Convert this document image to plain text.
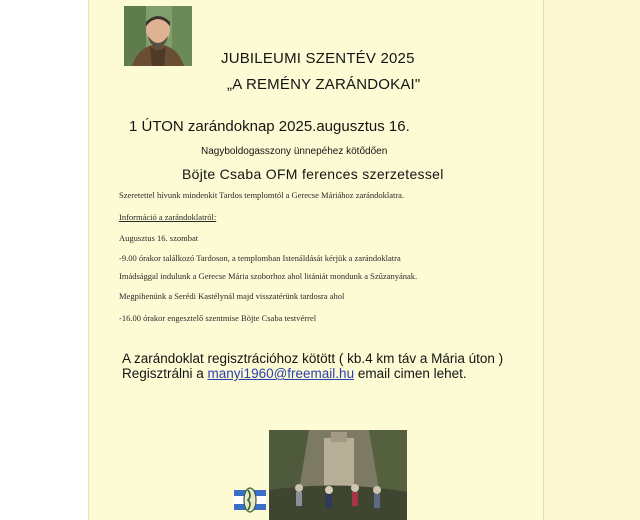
JUBILEUMI SZENTÉV 2025
„A REMÉNY ZARÁNDOKAI"
1 ÚTON zarándoknap 2025.augusztus 16.
Nagyboldogasszony ünnepéhez kötődően
Böjte Csaba OFM ferences szerzetessel
Szeretettel hívunk mindenkit Tardos templomtól a Gerecse Máriához zarándoklatra.
Információ a zarándoklatról:
Augusztus 16. szombat
-9.00 órakor találkozó Tardoson, a templomban Istenáldását kérjük a zarándoklatra
Imádsággal indulunk a Gerecse Mária szoborhoz ahol litániát mondunk a Szűzanyának.
Megpihenünk a Serédi Kastélynál majd visszatérünk tardosra ahol
-16.00 órakor engesztelő szentmise Böjte Csaba testvérrel
A zarándoklat regisztrációhoz kötött ( kb.4 km táv a Mária úton ) Regisztrálni a manyi1960@freemail.hu email cimen lehet.
